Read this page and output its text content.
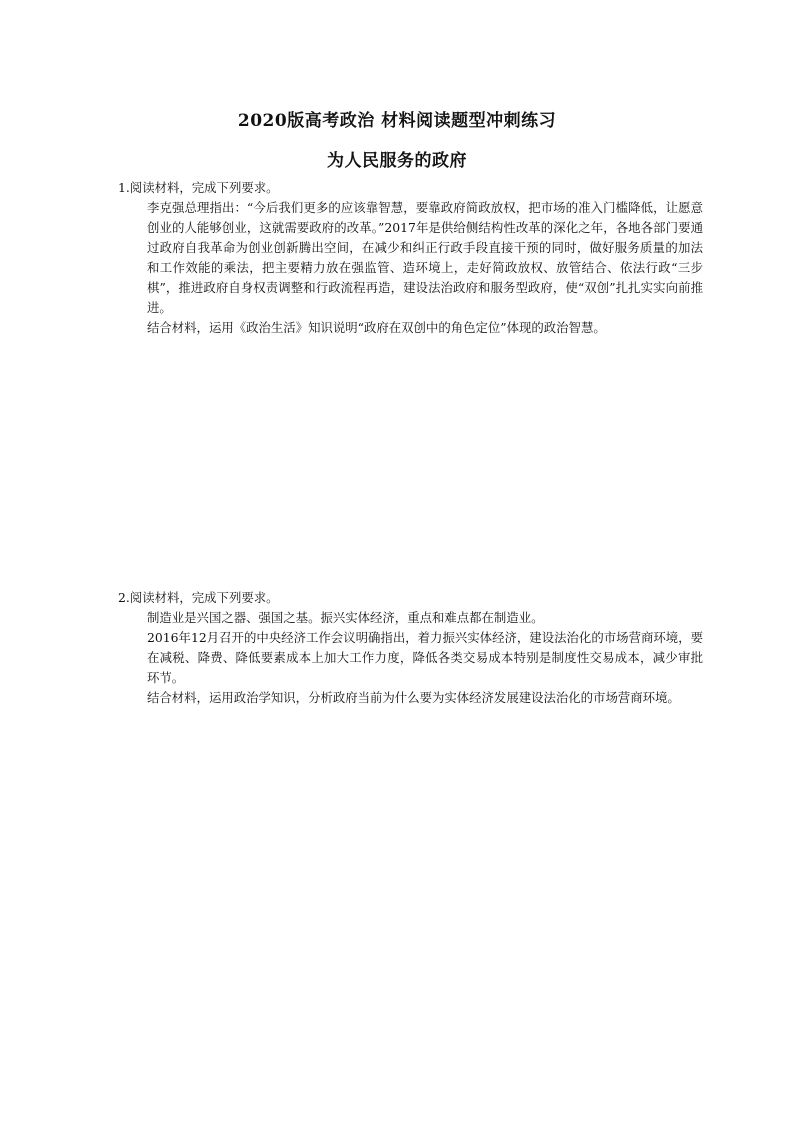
2020版高考政治 材料阅读题型冲刺练习
为人民服务的政府

1.阅读材料，完成下列要求。

李克强总理指出：“今后我们更多的应该靠智慧，要靠政府简政放权，把市场的准入门槛降低，让愿意创业的人能够创业，这就需要政府的改革。”2017年是供给侧结构性改革的深化之年，各地各部门要通过政府自我革命为创业创新腾出空间，在减少和纠正行政手段直接干预的同时，做好服务质量的加法和工作效能的乘法，把主要精力放在强监管、造环境上，走好简政放权、放管结合、依法行政“三步棋”，推进政府自身权责调整和行政流程再造，建设法治政府和服务型政府，使“双创”扎扎实实向前推进。

结合材料，运用《政治生活》知识说明“政府在双创中的角色定位”体现的政治智慧。

2.阅读材料，完成下列要求。

制造业是兴国之器、强国之基。振兴实体经济，重点和难点都在制造业。

2016年12月召开的中央经济工作会议明确指出，着力振兴实体经济，建设法治化的市场营商环境，要在减税、降费、降低要素成本上加大工作力度，降低各类交易成本特别是制度性交易成本，减少审批环节。

结合材料，运用政治学知识，分析政府当前为什么要为实体经济发展建设法治化的市场营商环境。
